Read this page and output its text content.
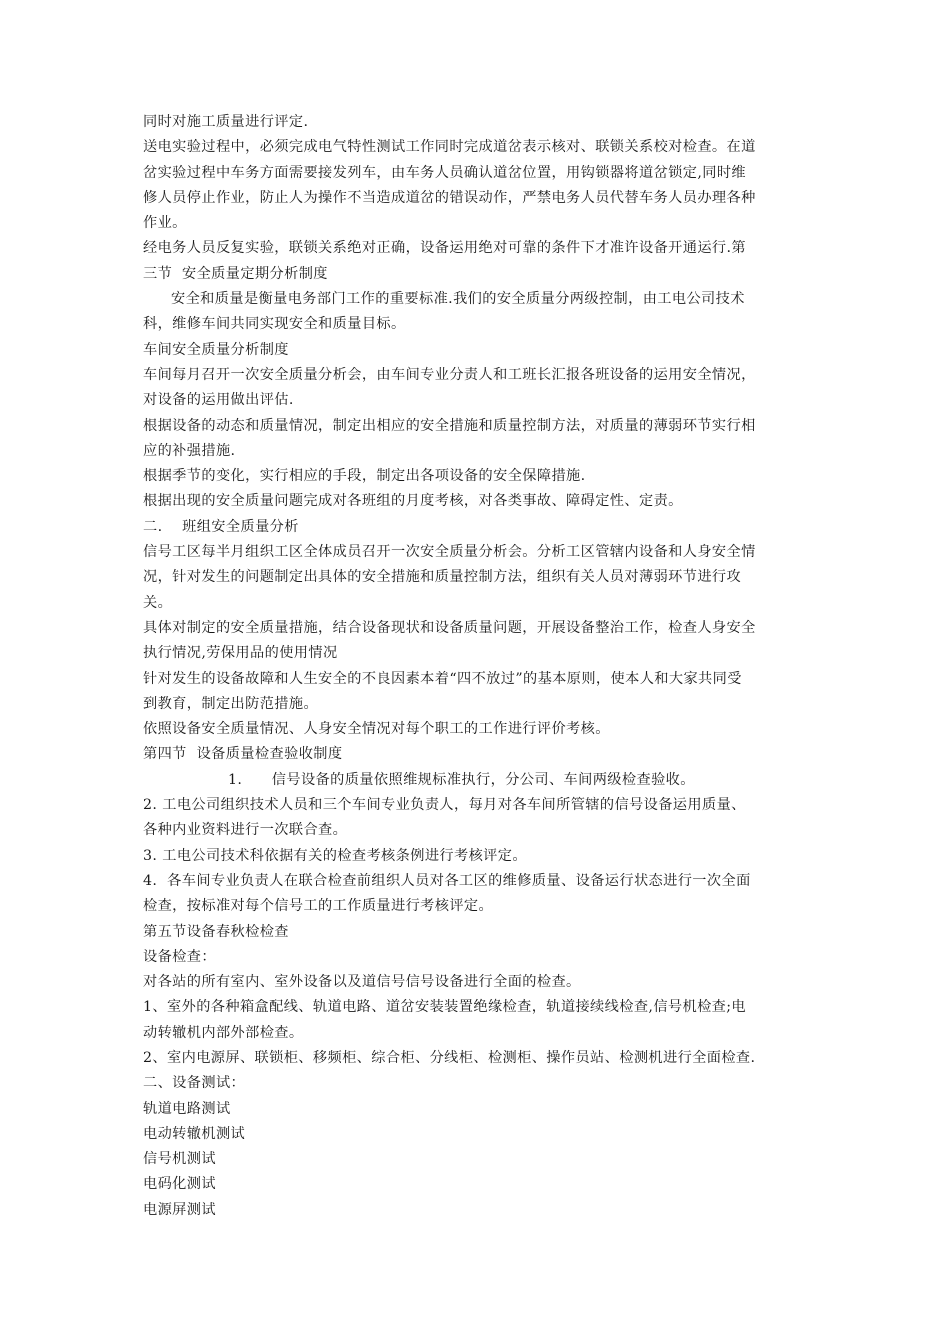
同时对施工质量进行评定.
送电实验过程中，必须完成电气特性测试工作同时完成道岔表示核对、联锁关系校对检查。在道
岔实验过程中车务方面需要接发列车，由车务人员确认道岔位置，用钩锁器将道岔锁定,同时维
修人员停止作业，防止人为操作不当造成道岔的错误动作，严禁电务人员代替车务人员办理各种
作业。
经电务人员反复实验，联锁关系绝对正确，设备运用绝对可靠的条件下才准许设备开通运行.第
三节  安全质量定期分析制度
安全和质量是衡量电务部门工作的重要标准.我们的安全质量分两级控制，由工电公司技术
科，维修车间共同实现安全和质量目标。
车间安全质量分析制度
车间每月召开一次安全质量分析会，由车间专业分责人和工班长汇报各班设备的运用安全情况，
对设备的运用做出评估.
根据设备的动态和质量情况，制定出相应的安全措施和质量控制方法，对质量的薄弱环节实行相
应的补强措施.
根据季节的变化，实行相应的手段，制定出各项设备的安全保障措施.
根据出现的安全质量问题完成对各班组的月度考核，对各类事故、障碍定性、定责。
二.    班组安全质量分析
信号工区每半月组织工区全体成员召开一次安全质量分析会。分析工区管辖内设备和人身安全情
况，针对发生的问题制定出具体的安全措施和质量控制方法，组织有关人员对薄弱环节进行攻
关。
具体对制定的安全质量措施，结合设备现状和设备质量问题，开展设备整治工作，检查人身安全
执行情况,劳保用品的使用情况
针对发生的设备故障和人生安全的不良因素本着“四不放过”的基本原则，使本人和大家共同受
到教育，制定出防范措施。
依照设备安全质量情况、人身安全情况对每个职工的工作进行评价考核。
第四节  设备质量检查验收制度
1.      信号设备的质量依照维规标准执行，分公司、车间两级检查验收。
2. 工电公司组织技术人员和三个车间专业负责人，每月对各车间所管辖的信号设备运用质量、
各种内业资料进行一次联合查。
3. 工电公司技术科依据有关的检查考核条例进行考核评定。
4.  各车间专业负责人在联合检查前组织人员对各工区的维修质量、设备运行状态进行一次全面
检查，按标准对每个信号工的工作质量进行考核评定。
第五节设备春秋检检查
设备检查：
对各站的所有室内、室外设备以及道信号信号设备进行全面的检查。
1、室外的各种箱盒配线、轨道电路、道岔安装装置绝缘检查，轨道接续线检查,信号机检查;电
动转辙机内部外部检查。
2、室内电源屏、联锁柜、移频柜、综合柜、分线柜、检测柜、操作员站、检测机进行全面检查.
二、设备测试：
轨道电路测试
电动转辙机测试
信号机测试
电码化测试
电源屏测试
